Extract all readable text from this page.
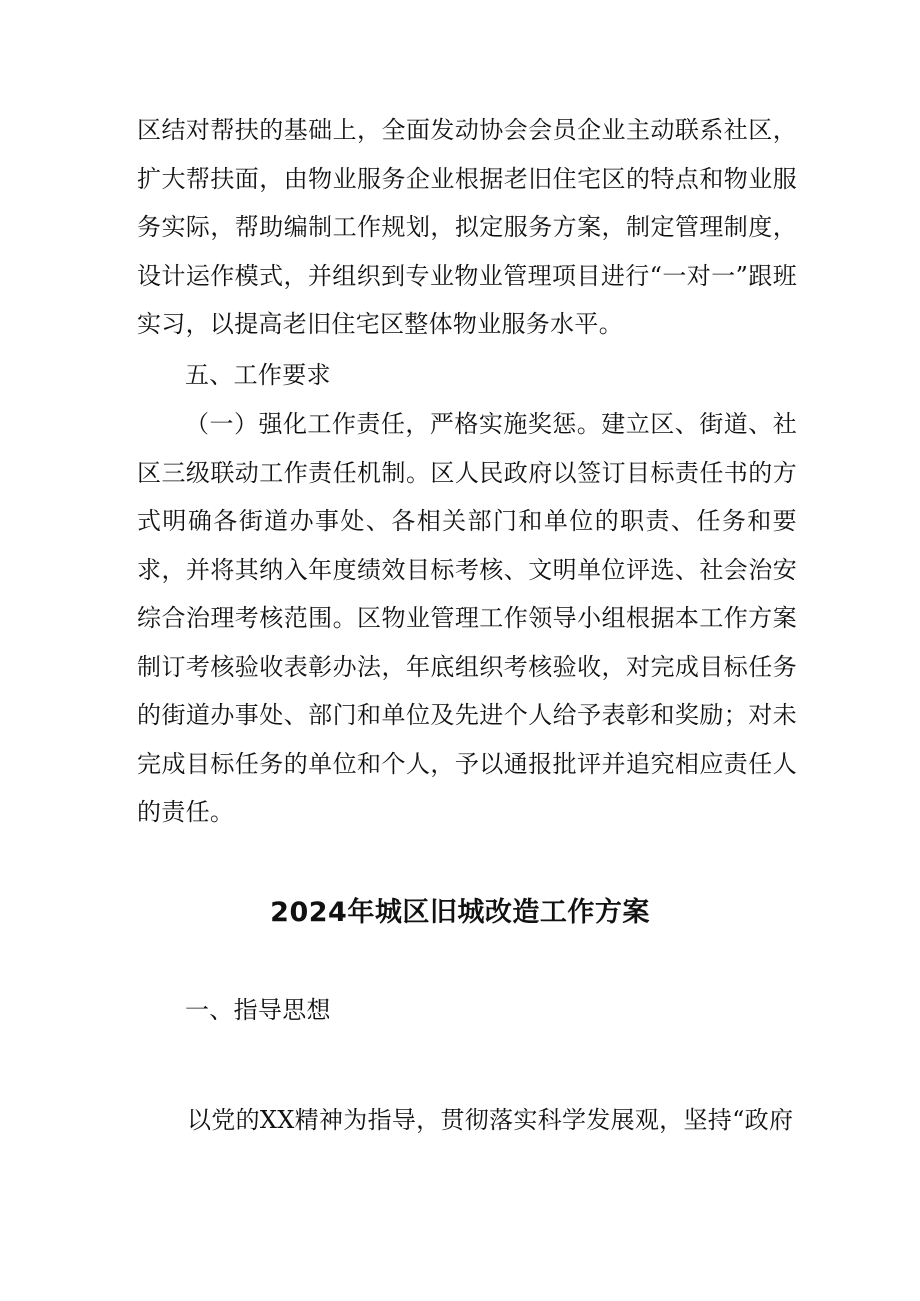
区结对帮扶的基础上，全面发动协会会员企业主动联系社区，扩大帮扶面，由物业服务企业根据老旧住宅区的特点和物业服务实际，帮助编制工作规划，拟定服务方案，制定管理制度，设计运作模式，并组织到专业物业管理项目进行“一对一”跟班实习，以提高老旧住宅区整体物业服务水平。

五、工作要求

（一）强化工作责任，严格实施奖惩。建立区、街道、社区三级联动工作责任机制。区人民政府以签订目标责任书的方式明确各街道办事处、各相关部门和单位的职责、任务和要求，并将其纳入年度绩效目标考核、文明单位评选、社会治安综合治理考核范围。区物业管理工作领导小组根据本工作方案制订考核验收表彰办法，年底组织考核验收，对完成目标任务的街道办事处、部门和单位及先进个人给予表彰和奖励；对未完成目标任务的单位和个人，予以通报批评并追究相应责任人的责任。

2024年城区旧城改造工作方案

一、指导思想

以党的XX精神为指导，贯彻落实科学发展观，坚持“政府
